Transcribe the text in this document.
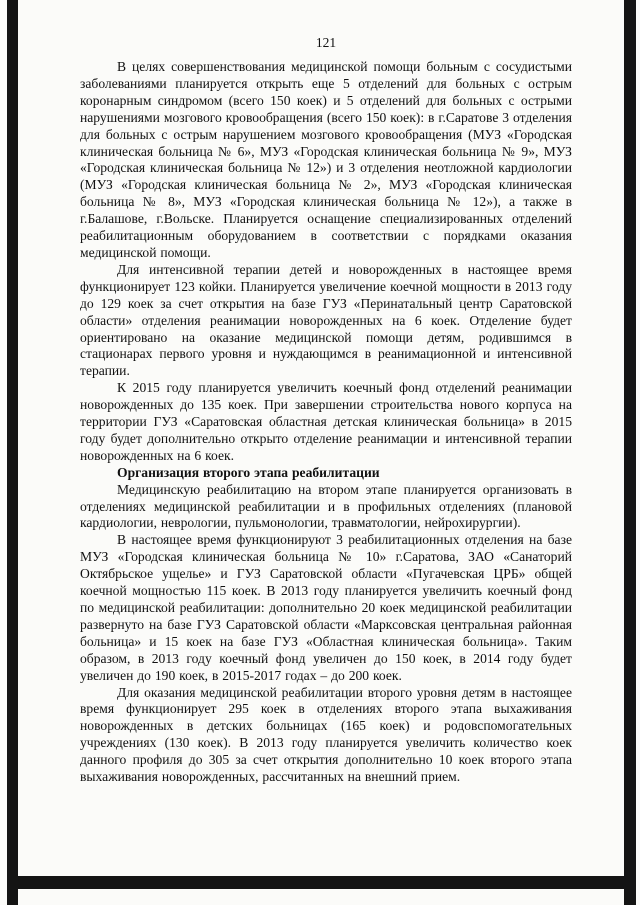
121

В целях совершенствования медицинской помощи больным с сосудистыми заболеваниями планируется открыть еще 5 отделений для больных с острым коронарным синдромом (всего 150 коек) и 5 отделений для больных с острыми нарушениями мозгового кровообращения (всего 150 коек): в г.Саратове 3 отделения для больных с острым нарушением мозгового кровообращения (МУЗ «Городская клиническая больница № 6», МУЗ «Городская клиническая больница № 9», МУЗ «Городская клиническая больница № 12») и 3 отделения неотложной кардиологии (МУЗ «Городская клиническая больница № 2», МУЗ «Городская клиническая больница № 8», МУЗ «Городская клиническая больница № 12»), а также в г.Балашове, г.Вольске. Планируется оснащение специализированных отделений реабилитационным оборудованием в соответствии с порядками оказания медицинской помощи.

Для интенсивной терапии детей и новорожденных в настоящее время функционирует 123 койки. Планируется увеличение коечной мощности в 2013 году до 129 коек за счет открытия на базе ГУЗ «Перинатальный центр Саратовской области» отделения реанимации новорожденных на 6 коек. Отделение будет ориентировано на оказание медицинской помощи детям, родившимся в стационарах первого уровня и нуждающимся в реанимационной и интенсивной терапии.

К 2015 году планируется увеличить коечный фонд отделений реанимации новорожденных до 135 коек. При завершении строительства нового корпуса на территории ГУЗ «Саратовская областная детская клиническая больница» в 2015 году будет дополнительно открыто отделение реанимации и интенсивной терапии новорожденных на 6 коек.

Организация второго этапа реабилитации

Медицинскую реабилитацию на втором этапе планируется организовать в отделениях медицинской реабилитации и в профильных отделениях (плановой кардиологии, неврологии, пульмонологии, травматологии, нейрохирургии).

В настоящее время функционируют 3 реабилитационных отделения на базе МУЗ «Городская клиническая больница № 10» г.Саратова, ЗАО «Санаторий Октябрьское ущелье» и ГУЗ Саратовской области «Пугачевская ЦРБ» общей коечной мощностью 115 коек. В 2013 году планируется увеличить коечный фонд по медицинской реабилитации: дополнительно 20 коек медицинской реабилитации развернуто на базе ГУЗ Саратовской области «Марксовская центральная районная больница» и 15 коек на базе ГУЗ «Областная клиническая больница». Таким образом, в 2013 году коечный фонд увеличен до 150 коек, в 2014 году будет увеличен до 190 коек, в 2015-2017 годах – до 200 коек.

Для оказания медицинской реабилитации второго уровня детям в настоящее время функционирует 295 коек в отделениях второго этапа выхаживания новорожденных в детских больницах (165 коек) и родовспомогательных учреждениях (130 коек). В 2013 году планируется увеличить количество коек данного профиля до 305 за счет открытия дополнительно 10 коек второго этапа выхаживания новорожденных, рассчитанных на внешний прием.
